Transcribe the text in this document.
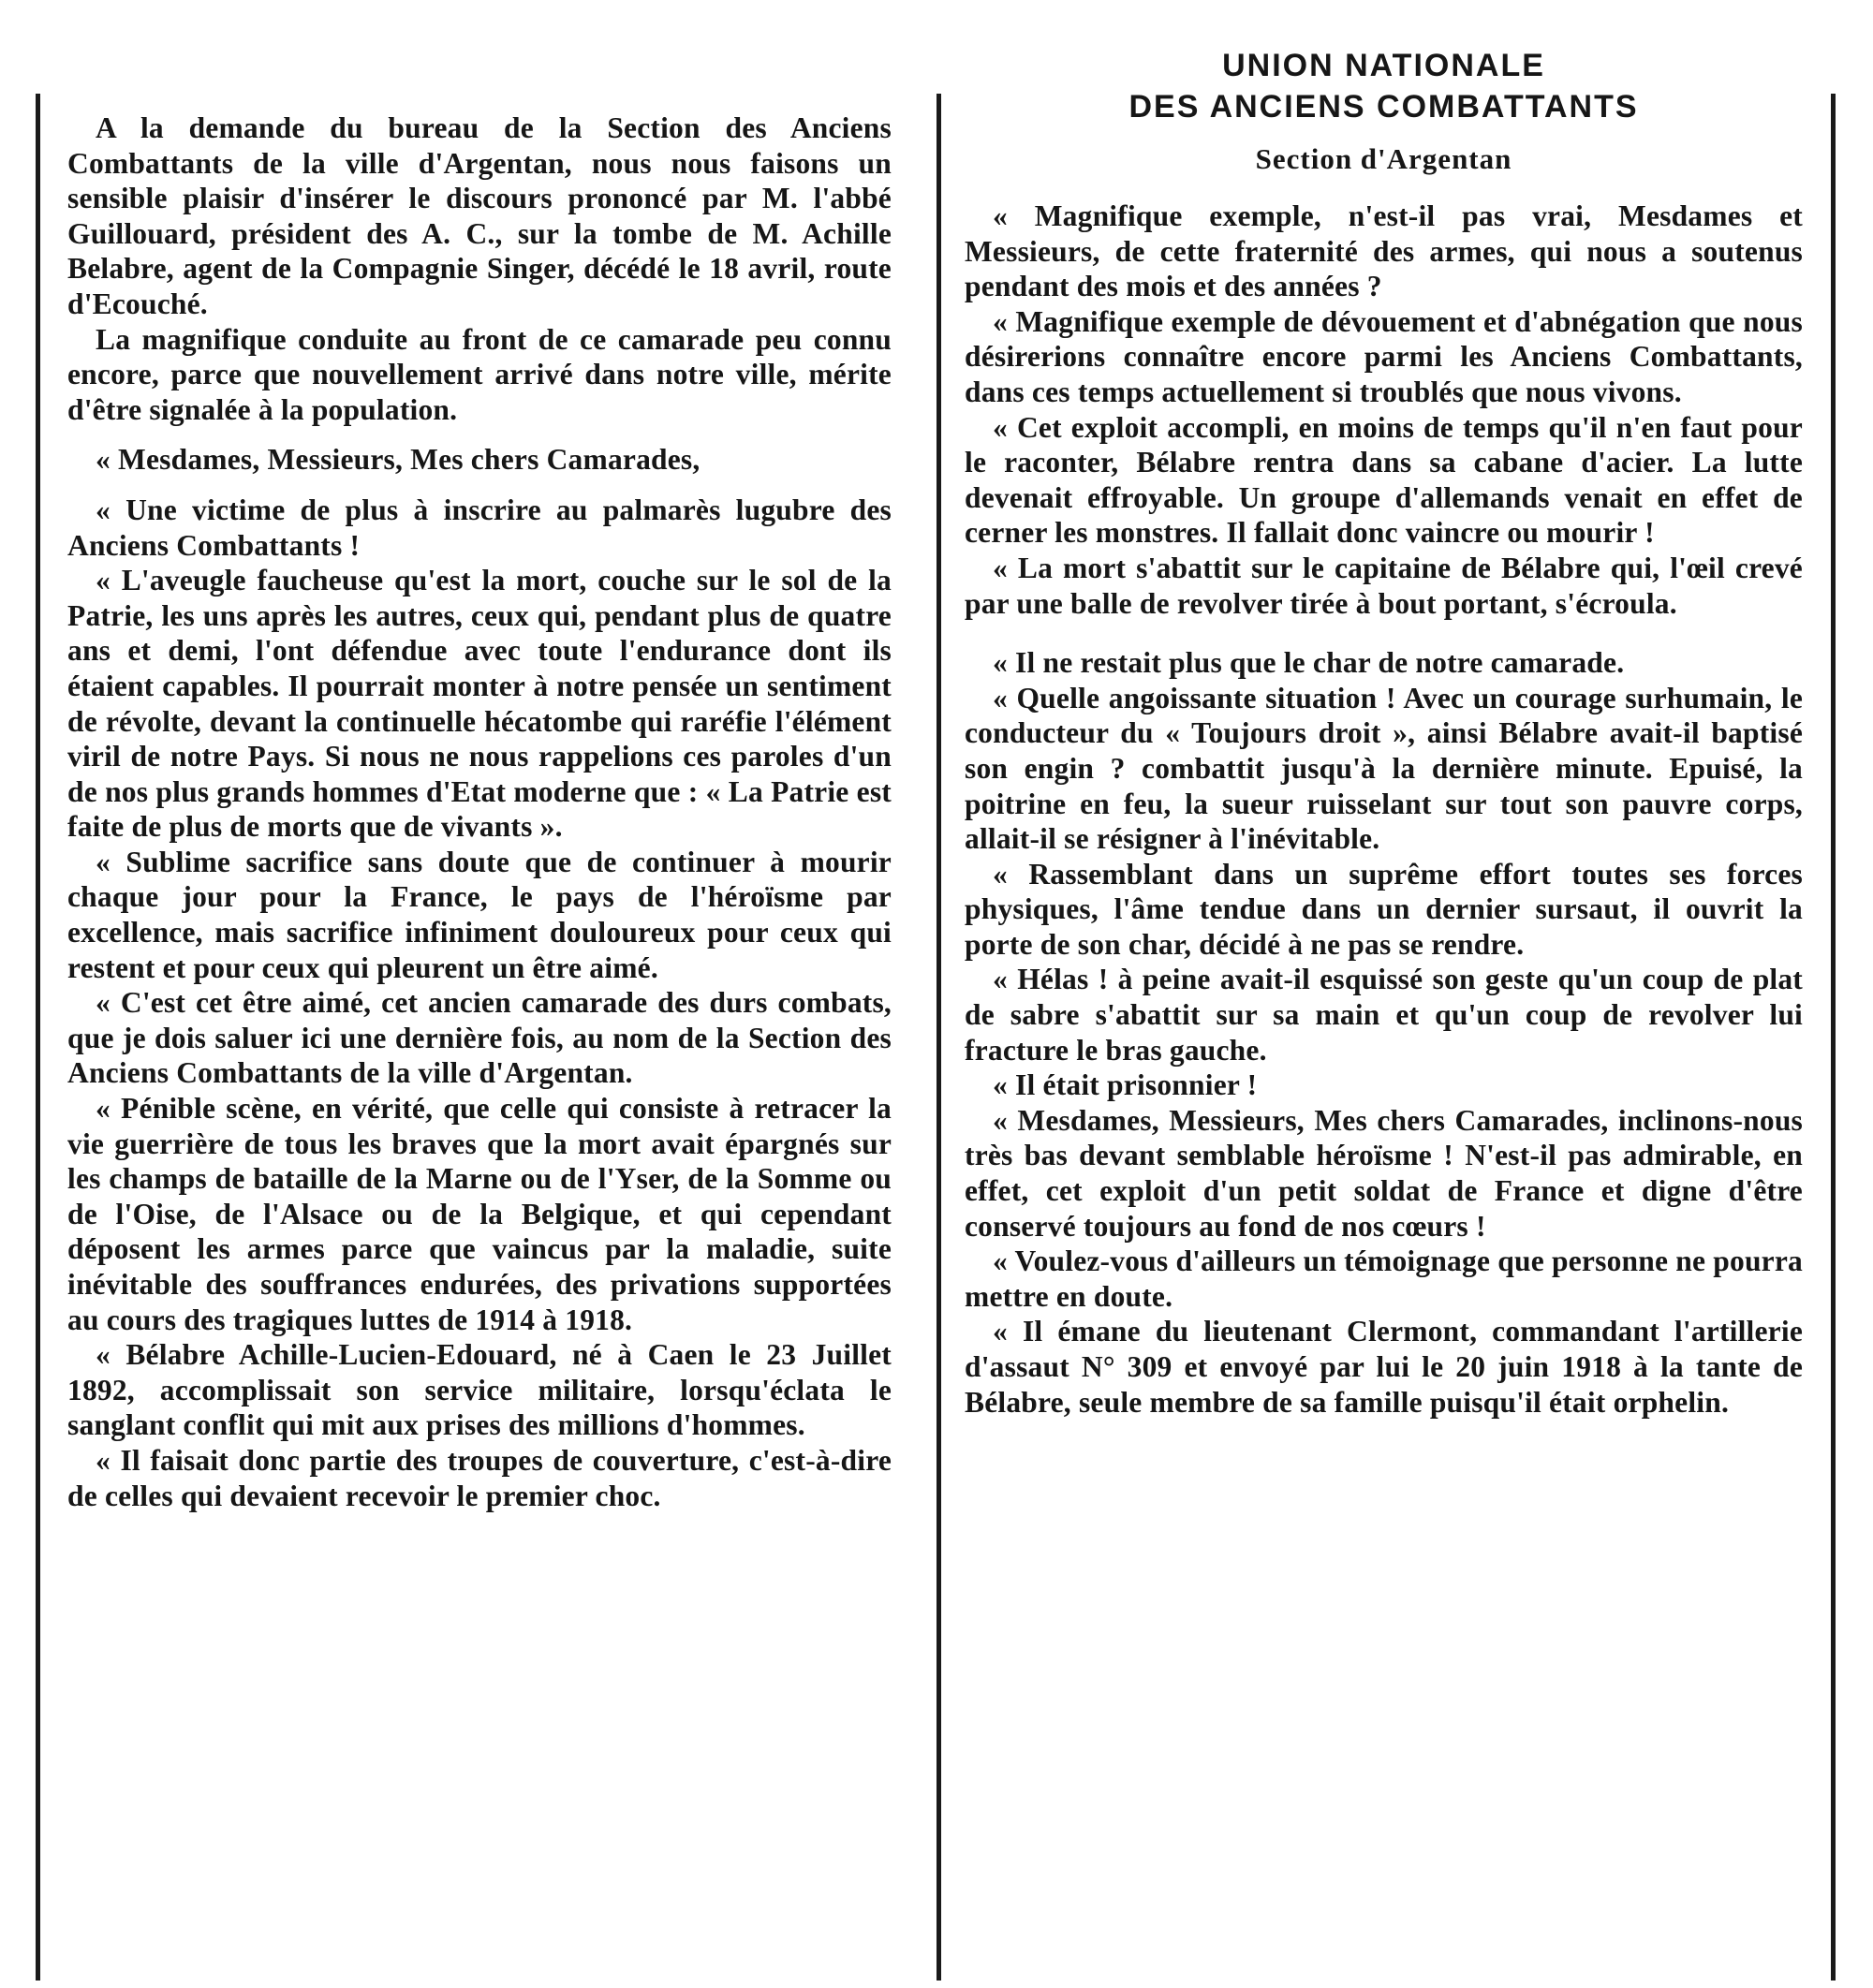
A la demande du bureau de la Section des Anciens Combattants de la ville d'Argentan, nous nous faisons un sensible plaisir d'insérer le discours prononcé par M. l'abbé Guillouard, président des A. C., sur la tombe de M. Achille Belabre, agent de la Compagnie Singer, décédé le 18 avril, route d'Ecouché.

La magnifique conduite au front de ce camarade peu connu encore, parce que nouvellement arrivé dans notre ville, mérite d'être signalée à la population.

« Mesdames, Messieurs, Mes chers Camarades,

« Une victime de plus à inscrire au palmarès lugubre des Anciens Combattants !

« L'aveugle faucheuse qu'est la mort, couche sur le sol de la Patrie, les uns après les autres, ceux qui, pendant plus de quatre ans et demi, l'ont défendue avec toute l'endurance dont ils étaient capables. Il pourrait monter à notre pensée un sentiment de révolte, devant la continuelle hécatombe qui raréfie l'élément viril de notre Pays. Si nous ne nous rappelions ces paroles d'un de nos plus grands hommes d'Etat moderne que : « La Patrie est faite de plus de morts que de vivants ».

« Sublime sacrifice sans doute que de continuer à mourir chaque jour pour la France, le pays de l'héroïsme par excellence, mais sacrifice infiniment douloureux pour ceux qui restent et pour ceux qui pleurent un être aimé.

« C'est cet être aimé, cet ancien camarade des durs combats, que je dois saluer ici une dernière fois, au nom de la Section des Anciens Combattants de la ville d'Argentan.

« Pénible scène, en vérité, que celle qui consiste à retracer la vie guerrière de tous les braves que la mort avait épargnés sur les champs de bataille de la Marne ou de l'Yser, de la Somme ou de l'Oise, de l'Alsace ou de la Belgique, et qui cependant déposent les armes parce que vaincus par la maladie, suite inévitable des souffrances endurées, des privations supportées au cours des tragiques luttes de 1914 à 1918.

« Bélabre Achille-Lucien-Edouard, né à Caen le 23 Juillet 1892, accomplissait son service militaire, lorsqu'éclata le sanglant conflit qui mit aux prises des millions d'hommes.

« Il faisait donc partie des troupes de couverture, c'est-à-dire de celles qui devaient recevoir le premier choc.

UNION NATIONALE
DES ANCIENS COMBATTANTS
Section d'Argentan

« Magnifique exemple, n'est-il pas vrai, Mesdames et Messieurs, de cette fraternité des armes, qui nous a soutenus pendant des mois et des années ?

« Magnifique exemple de dévouement et d'abnégation que nous désirerions connaître encore parmi les Anciens Combattants, dans ces temps actuellement si troublés que nous vivons.

« Cet exploit accompli, en moins de temps qu'il n'en faut pour le raconter, Bélabre rentra dans sa cabane d'acier. La lutte devenait effroyable. Un groupe d'allemands venait en effet de cerner les monstres. Il fallait donc vaincre ou mourir !

« La mort s'abattit sur le capitaine de Bélabre qui, l'œil crevé par une balle de revolver tirée à bout portant, s'écroula.

« Il ne restait plus que le char de notre camarade.

« Quelle angoissante situation ! Avec un courage surhumain, le conducteur du « Toujours droit », ainsi Bélabre avait-il baptisé son engin ? combattit jusqu'à la dernière minute. Epuisé, la poitrine en feu, la sueur ruisselant sur tout son pauvre corps, allait-il se résigner à l'inévitable.

« Rassemblant dans un suprême effort toutes ses forces physiques, l'âme tendue dans un dernier sursaut, il ouvrit la porte de son char, décidé à ne pas se rendre.

« Hélas ! à peine avait-il esquissé son geste qu'un coup de plat de sabre s'abattit sur sa main et qu'un coup de revolver lui fracture le bras gauche.

« Il était prisonnier !

« Mesdames, Messieurs, Mes chers Camarades, inclinons-nous très bas devant semblable héroïsme ! N'est-il pas admirable, en effet, cet exploit d'un petit soldat de France et digne d'être conservé toujours au fond de nos cœurs !

« Voulez-vous d'ailleurs un témoignage que personne ne pourra mettre en doute.

« Il émane du lieutenant Clermont, commandant l'artillerie d'assaut N° 309 et envoyé par lui le 20 juin 1918 à la tante de Bélabre, seule membre de sa famille puisqu'il était orphelin.
